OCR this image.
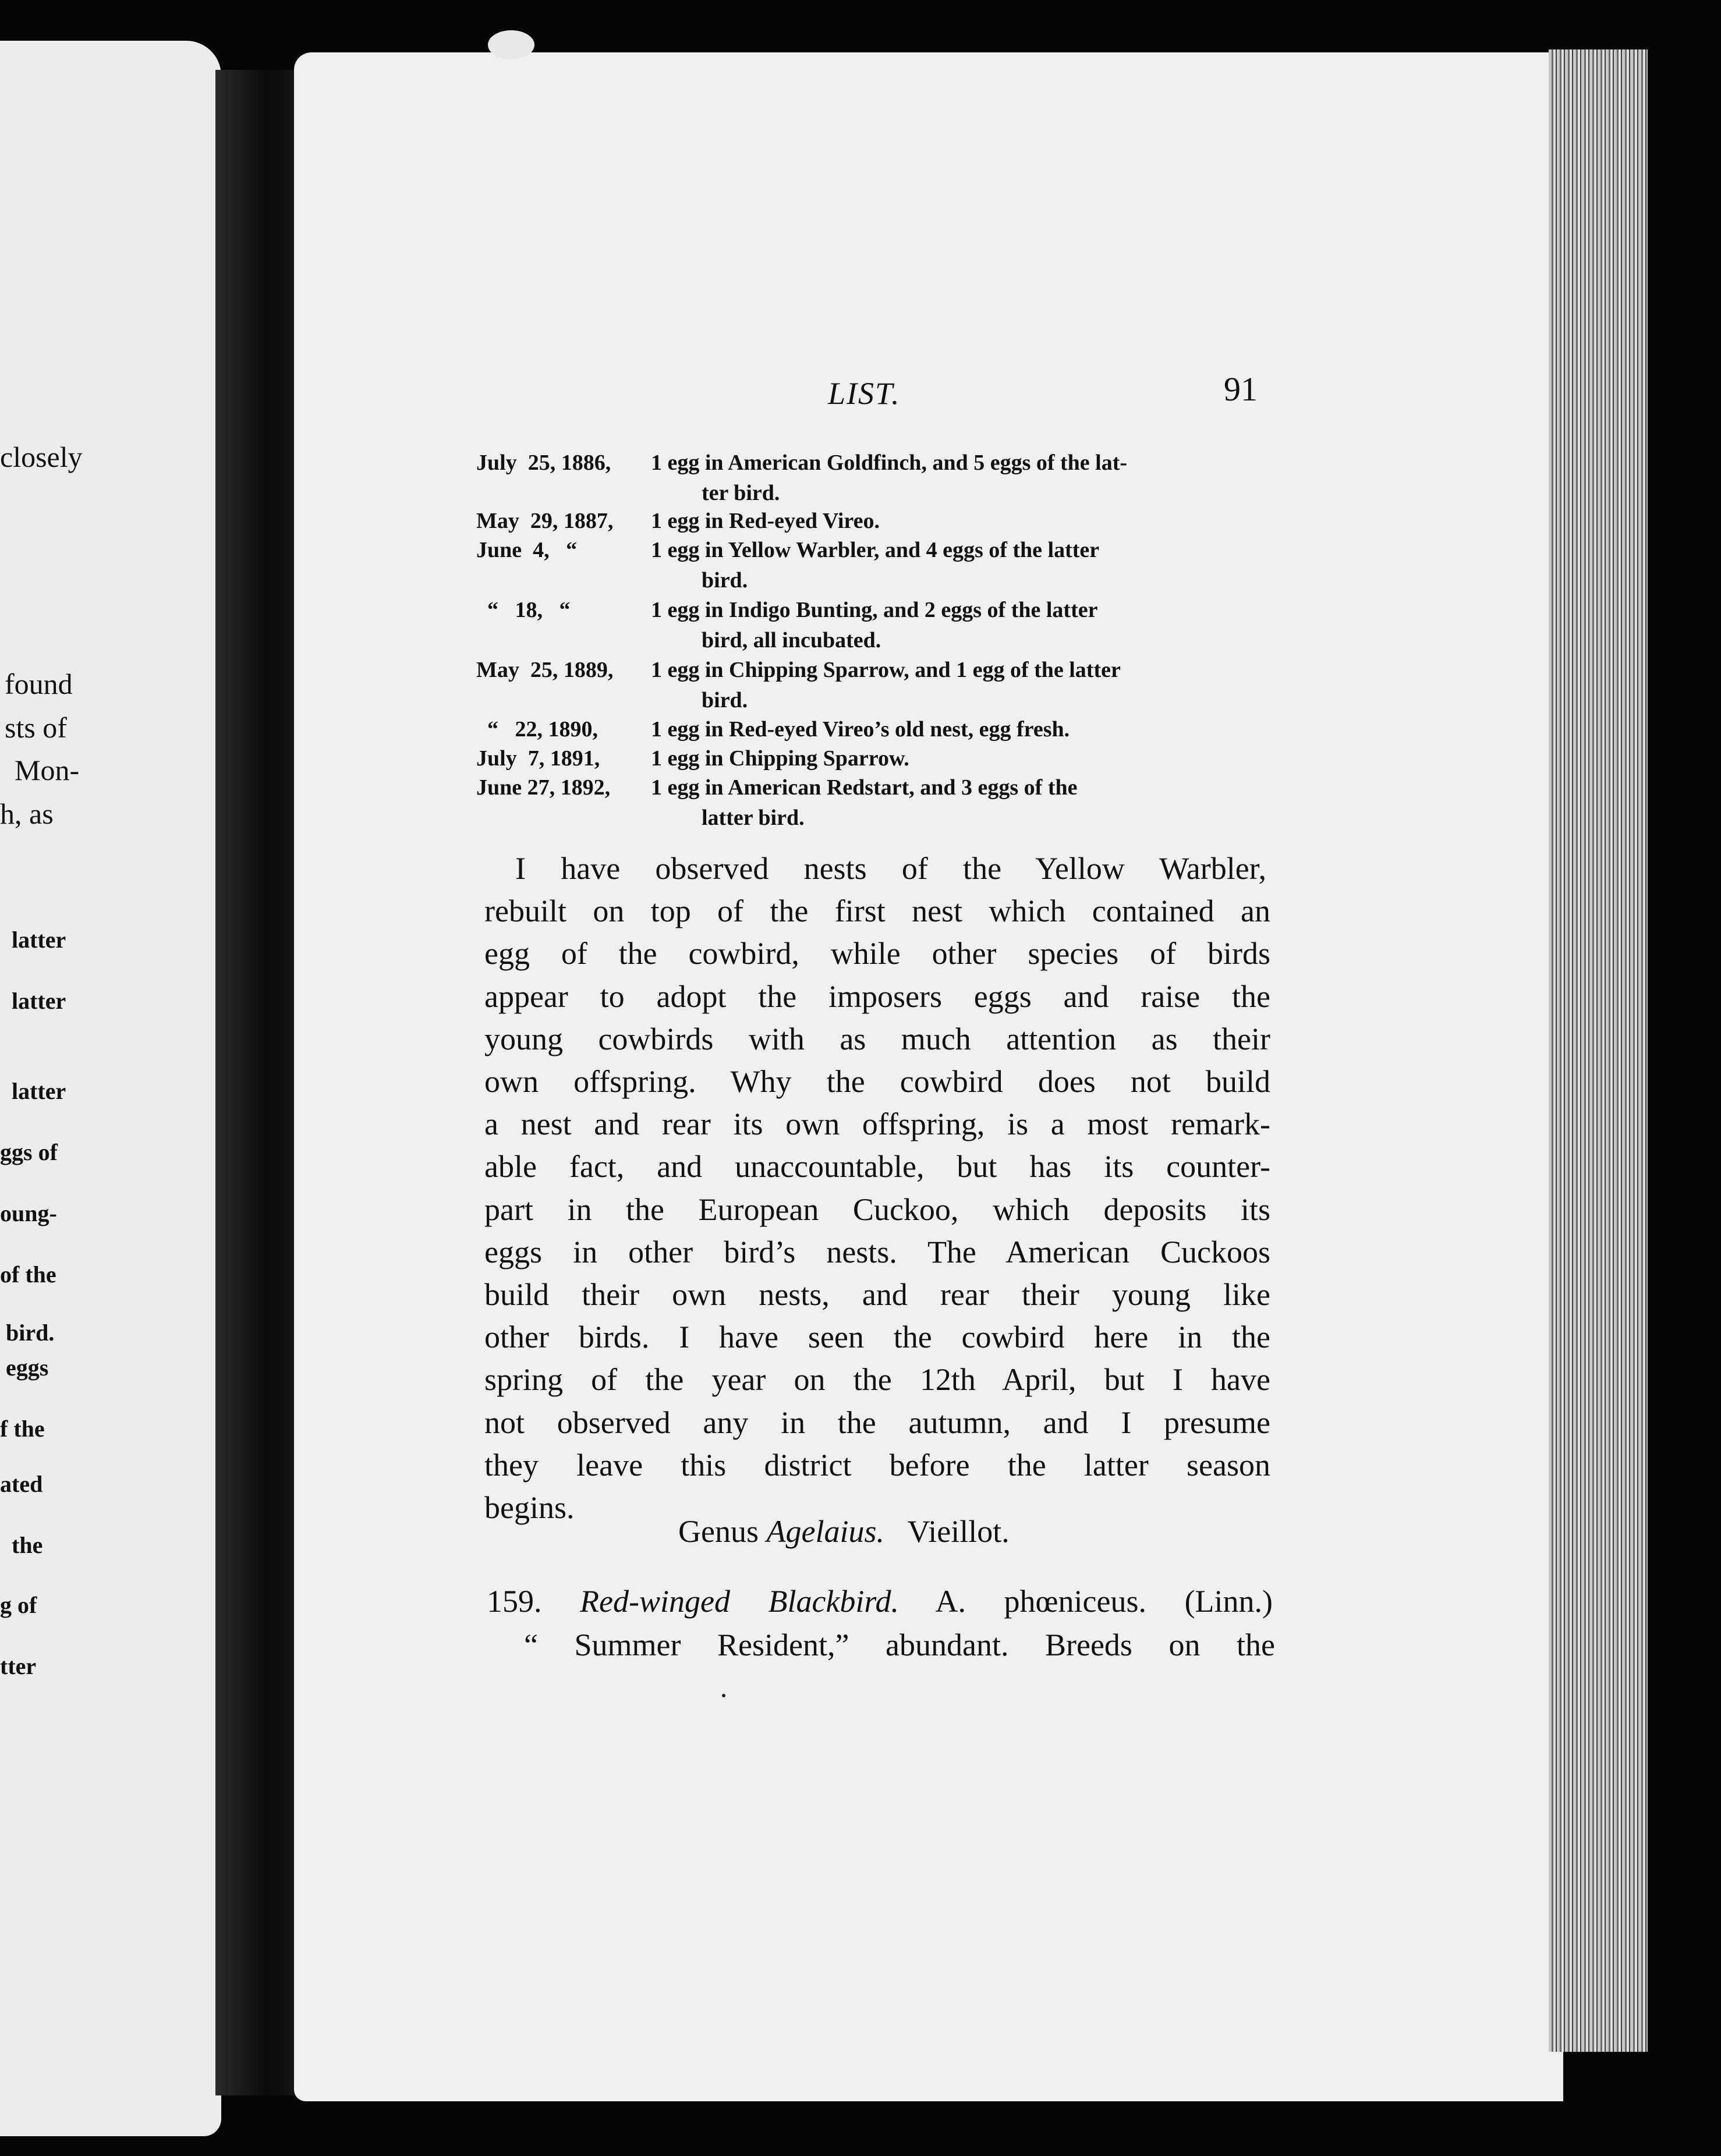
closely
found
sts of
Mon-
h, as
latter
latter
latter
ggs of
oung-
of the
bird.
eggs
f the
ated
the
g of
tter
LIST.	91
July  25, 1886, 1 egg in American Goldfinch, and 5 eggs of the lat-
ter bird.
May  29, 1887, 1 egg in Red-eyed Vireo.
June  4,   “	1 egg in Yellow Warbler, and 4 eggs of the latter
bird.
“   18,   “	1 egg in Indigo Bunting, and 2 eggs of the latter
bird, all incubated.
May  25, 1889, 1 egg in Chipping Sparrow, and 1 egg of the latter
bird.
“   22, 1890, 1 egg in Red-eyed Vireo’s old nest, egg fresh.
July  7, 1891, 1 egg in Chipping Sparrow.
June 27, 1892, 1 egg in American Redstart, and 3 eggs of the
latter bird.
I have observed nests of the Yellow Warbler,
rebuilt on top of the first nest which contained an
egg of the cowbird, while other species of birds
appear to adopt the imposers eggs and raise the
young cowbirds with as much attention as their
own offspring. Why the cowbird does not build
a nest and rear its own offspring, is a most remark-
able fact, and unaccountable, but has its counter-
part in the European Cuckoo, which deposits its
eggs in other bird’s nests. The American Cuckoos
build their own nests, and rear their young like
other birds. I have seen the cowbird here in the
spring of the year on the 12th April, but I have
not observed any in the autumn, and I presume
they leave this district before the latter season
begins.
Genus Agelaius. Vieillot.
159. Red-winged Blackbird. A. phœniceus. (Linn.)
“ Summer Resident,” abundant. Breeds on the
